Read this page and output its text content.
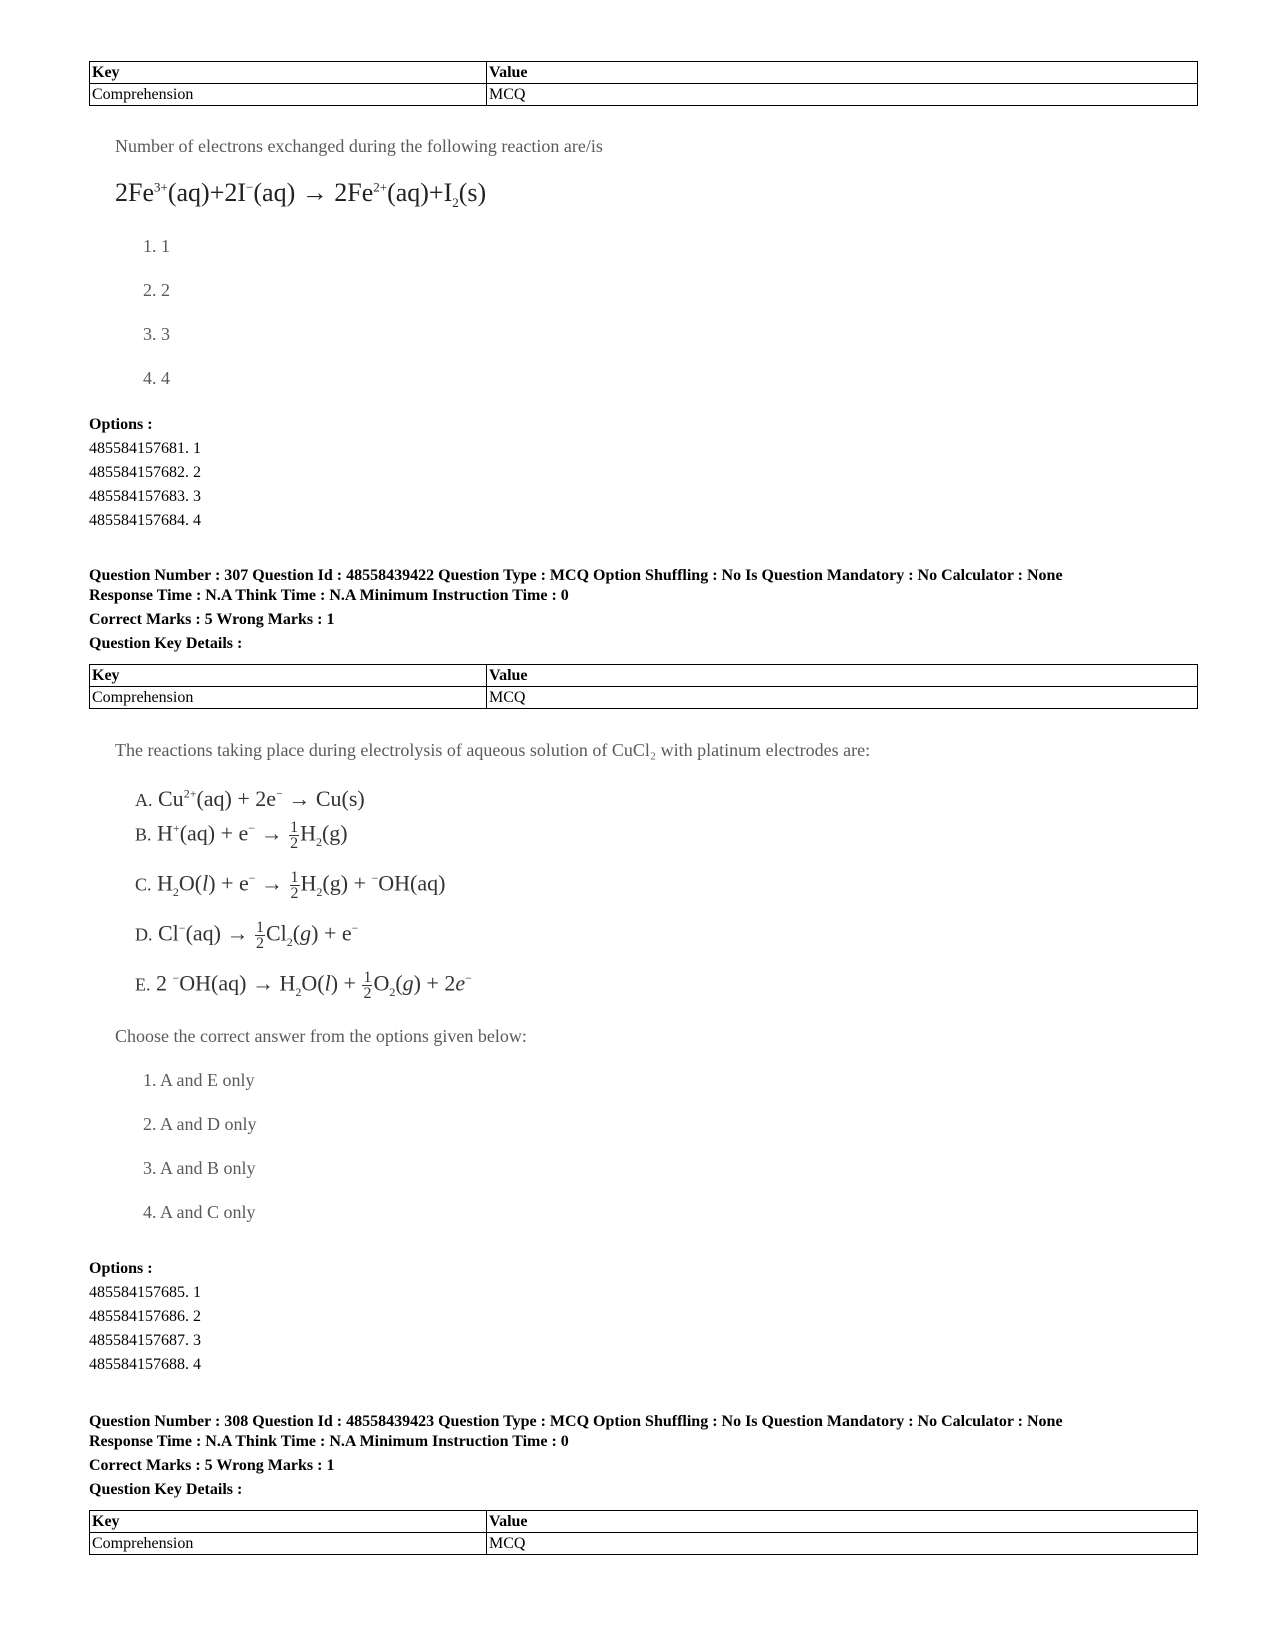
Key	Value
Comprehension	MCQ
Number of electrons exchanged during the following reaction are/is
$2Fe^{3+}(aq)+2I^-(aq) \to 2Fe^{2+}(aq)+I_2(s)$
1. 1
2. 2
3. 3
4. 4
Options :
485584157681. 1
485584157682. 2
485584157683. 3
485584157684. 4
Question Number : 307 Question Id : 48558439422 Question Type : MCQ Option Shuffling : No Is Question Mandatory : No Calculator : None
Response Time : N.A Think Time : N.A Minimum Instruction Time : 0
Correct Marks : 5 Wrong Marks : 1
Question Key Details :
Key	Value
Comprehension	MCQ
The reactions taking place during electrolysis of aqueous solution of CuCl₂ with platinum electrodes are:
A. $Cu^{2+}(aq) + 2e^- \to Cu(s)$
B. $H^+(aq) + e^- \to \frac{1}{2} H_2(g)$
C. $H_2O(l) + e^- \to \frac{1}{2} H_2(g) + ^-OH(aq)$
D. $Cl^-(aq) \to \frac{1}{2} Cl_2(g) + e^-$
E. 2 $^-OH(aq) \to H_2O(l) + \frac{1}{2} O_2(g) + 2e^-$
Choose the correct answer from the options given below:
1. A and E only
2. A and D only
3. A and B only
4. A and C only
Options :
485584157685. 1
485584157686. 2
485584157687. 3
485584157688. 4
Question Number : 308 Question Id : 48558439423 Question Type : MCQ Option Shuffling : No Is Question Mandatory : No Calculator : None
Response Time : N.A Think Time : N.A Minimum Instruction Time : 0
Correct Marks : 5 Wrong Marks : 1
Question Key Details :
Key	Value
Comprehension	MCQ
